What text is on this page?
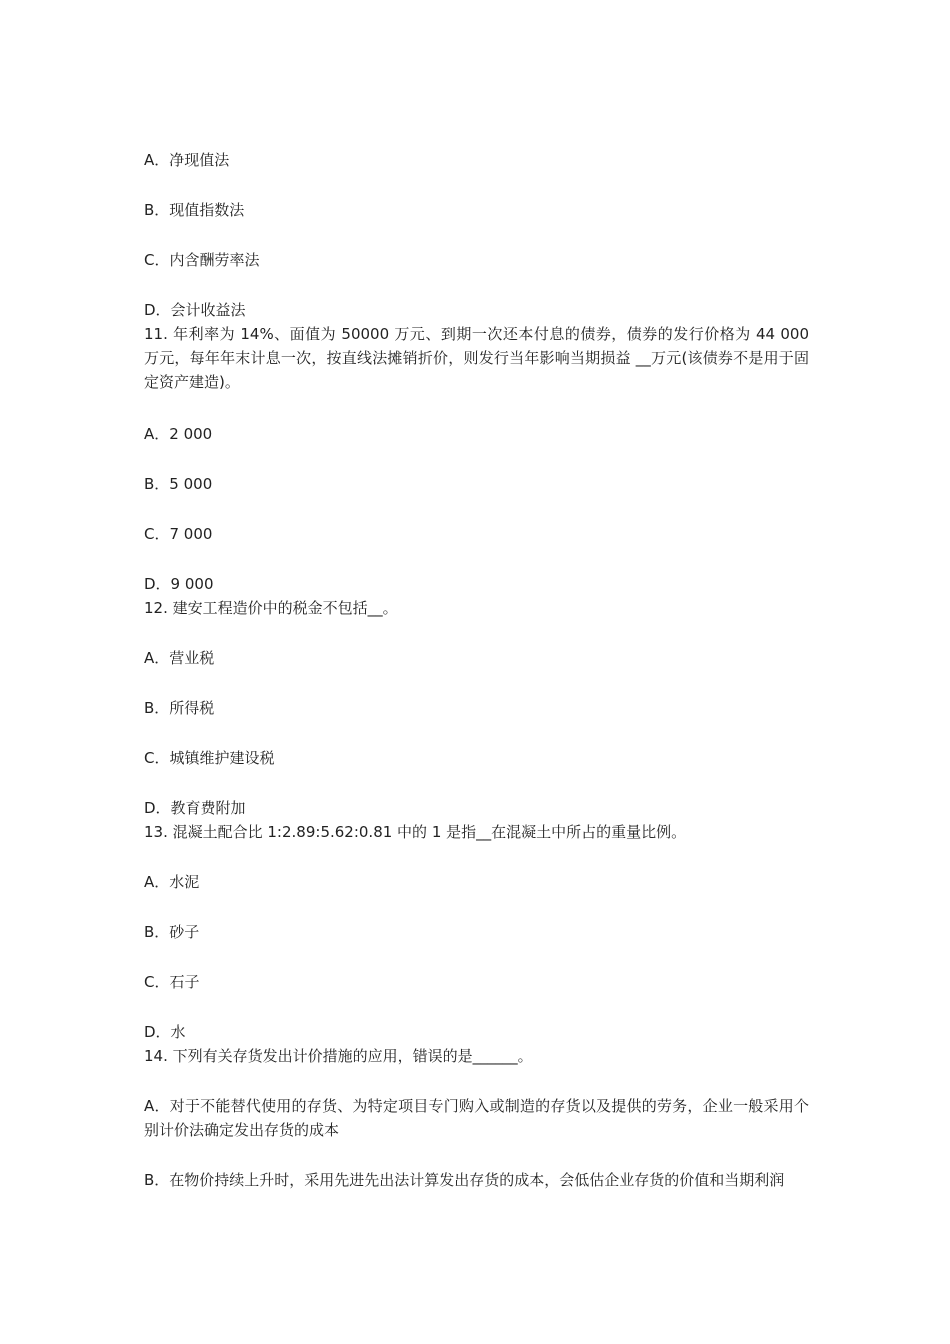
A．净现值法
B．现值指数法
C．内含酬劳率法
D．会计收益法
11. 年利率为 14%、面值为 50000 万元、到期一次还本付息的债券，债券的发行价格为 44 000 万元，每年年末计息一次，按直线法摊销折价，则发行当年影响当期损益 __万元(该债券不是用于固定资产建造)。
A．2 000
B．5 000
C．7 000
D．9 000
12. 建安工程造价中的税金不包括__。
A．营业税
B．所得税
C．城镇维护建设税
D．教育费附加
13. 混凝土配合比 1:2.89:5.62:0.81 中的 1 是指__在混凝土中所占的重量比例。
A．水泥
B．砂子
C．石子
D．水
14. 下列有关存货发出计价措施的应用，错误的是______。
A．对于不能替代使用的存货、为特定项目专门购入或制造的存货以及提供的劳务，企业一般采用个别计价法确定发出存货的成本
B．在物价持续上升时，采用先进先出法计算发出存货的成本，会低估企业存货的价值和当期利润
